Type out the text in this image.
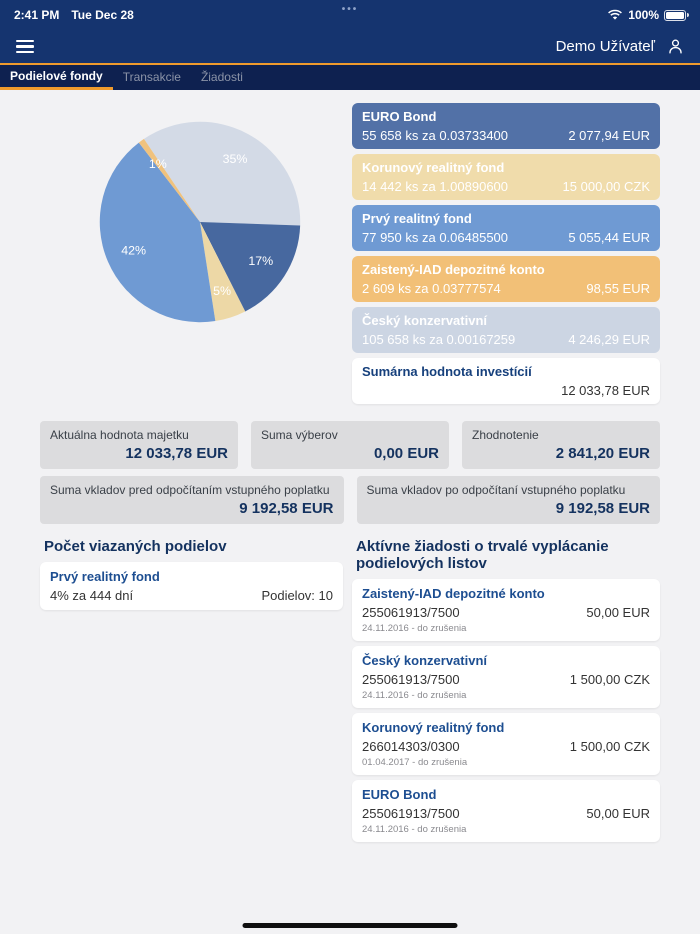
2:41 PM Tue Dec 28	•••	100%
Demo Užívateľ
Podielové fondy	Transakcie	Žiadosti
35%
17%
5%
42%
1%
EURO Bond
55 658 ks za 0.03733400	2 077,94 EUR
Korunový realitný fond
14 442 ks za 1.00890600	15 000,00 CZK
Prvý realitný fond
77 950 ks za 0.06485500	5 055,44 EUR
Zaistený-IAD depozitné konto
2 609 ks za 0.03777574	98,55 EUR
Český konzervativní
105 658 ks za 0.00167259	4 246,29 EUR
Sumárna hodnota investícií
12 033,78 EUR
Aktuálna hodnota majetku
12 033,78 EUR
Suma výberov
0,00 EUR
Zhodnotenie
2 841,20 EUR
Suma vkladov pred odpočítaním vstupného poplatku
9 192,58 EUR
Suma vkladov po odpočítaní vstupného poplatku
9 192,58 EUR
Počet viazaných podielov
Prvý realitný fond
4% za 444 dní	Podielov: 10
Aktívne žiadosti o trvalé vyplácanie podielových listov
Zaistený-IAD depozitné konto
255061913/7500	50,00 EUR
24.11.2016 - do zrušenia
Český konzervativní
255061913/7500	1 500,00 CZK
24.11.2016 - do zrušenia
Korunový realitný fond
266014303/0300	1 500,00 CZK
01.04.2017 - do zrušenia
EURO Bond
255061913/7500	50,00 EUR
24.11.2016 - do zrušenia
